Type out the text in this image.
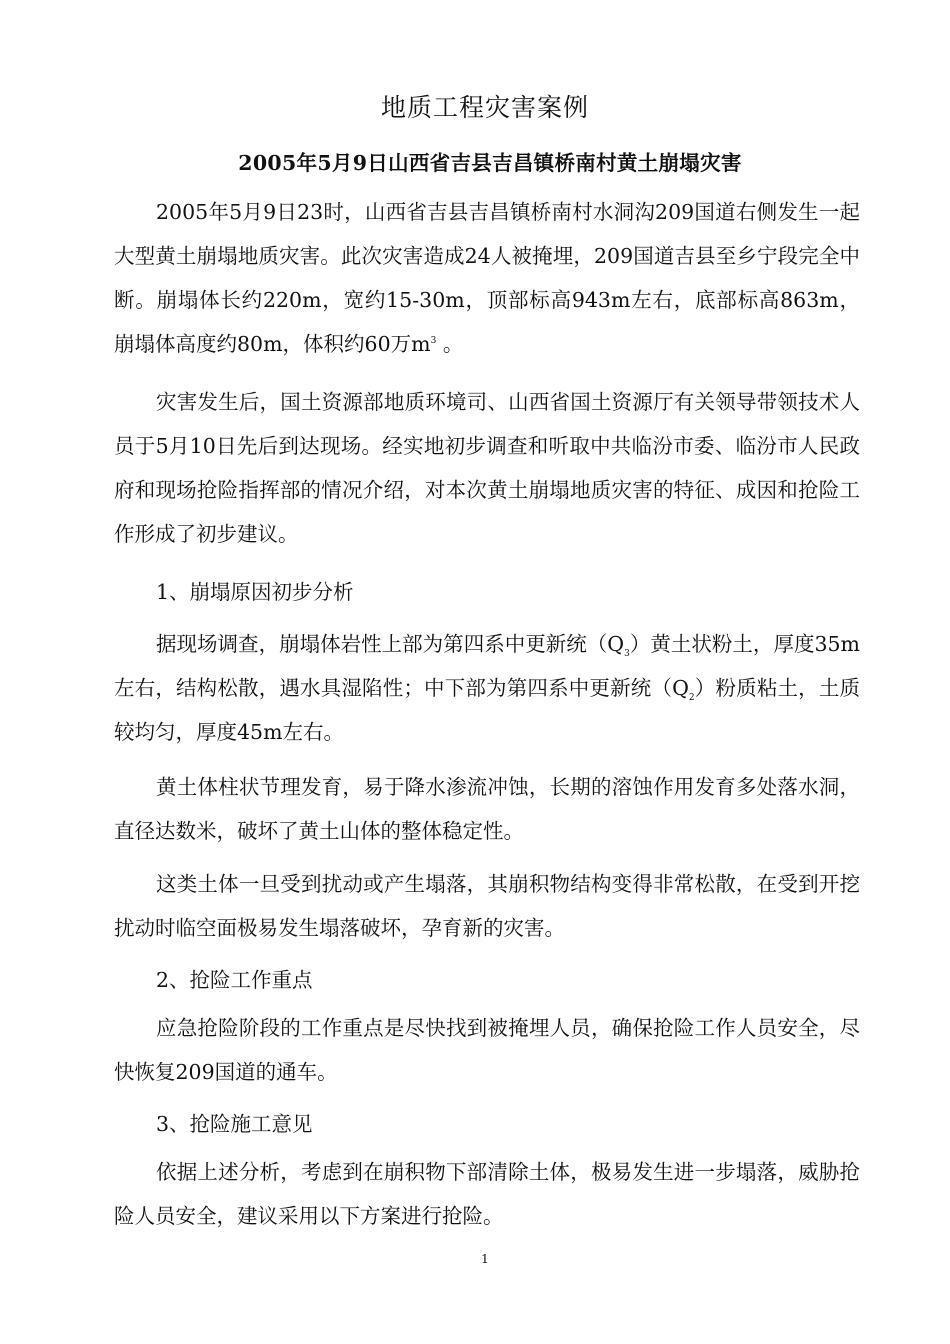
地质工程灾害案例
2005年5月9日山西省吉县吉昌镇桥南村黄土崩塌灾害

2005年5月9日23时，山西省吉县吉昌镇桥南村水洞沟209国道右侧发生一起大型黄土崩塌地质灾害。此次灾害造成24人被掩埋，209国道吉县至乡宁段完全中断。崩塌体长约220m，宽约15-30m，顶部标高943m左右，底部标高863m，崩塌体高度约80m，体积约60万$m^3$ 。

灾害发生后，国土资源部地质环境司、山西省国土资源厅有关领导带领技术人员于5月10日先后到达现场。经实地初步调查和听取中共临汾市委、临汾市人民政府和现场抢险指挥部的情况介绍，对本次黄土崩塌地质灾害的特征、成因和抢险工作形成了初步建议。

1、崩塌原因初步分析

据现场调查，崩塌体岩性上部为第四系中更新统$(Q_3)$黄土状粉土，厚度35m左右，结构松散，遇水具湿陷性；中下部为第四系中更新统$(Q_2)$粉质粘土，土质较均匀，厚度45m左右。

黄土体柱状节理发育，易于降水渗流冲蚀，长期的溶蚀作用发育多处落水洞，直径达数米，破坏了黄土山体的整体稳定性。

这类土体一旦受到扰动或产生塌落，其崩积物结构变得非常松散，在受到开挖扰动时临空面极易发生塌落破坏，孕育新的灾害。

2、抢险工作重点

应急抢险阶段的工作重点是尽快找到被掩埋人员，确保抢险工作人员安全，尽快恢复209国道的通车。

3、抢险施工意见

依据上述分析，考虑到在崩积物下部清除土体，极易发生进一步塌落，威胁抢险人员安全，建议采用以下方案进行抢险。

1
